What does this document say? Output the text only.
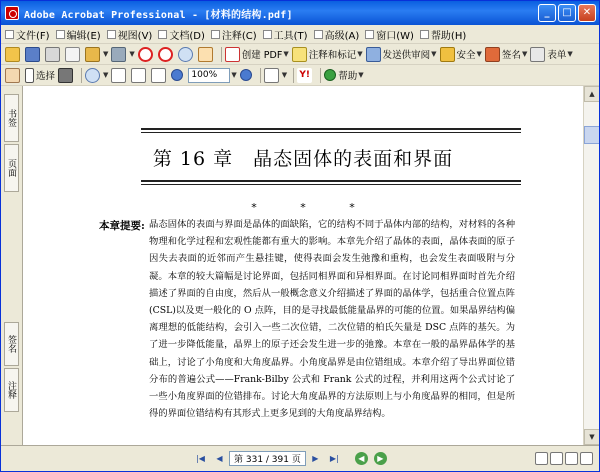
Adobe Acrobat Professional - [材料的结构.pdf]	_	□	✕
文件(F) 编辑(E) 视图(V) 文档(D) 注释(C) 工具(T) 高级(A) 窗口(W) 帮助(H)
▼	▼	创建 PDF ▼ 注释和标记 ▼ 发送供审阅 ▼ 安全 ▼ 签名 ▼ 表单 ▼
选择	▼	100%	▼	▼ Y!	帮助 ▼
书签
页面
签名
注释
第 16 章　晶态固体的表面和界面
* * *
本章提要: 晶态固体的表面与界面是晶体的面缺陷，它的结构不同于晶体内部的结构，对材料的各种物理和化学过程和宏观性能都有重大的影响。本章先介绍了晶体的表面，晶体表面的原子因失去表面的近邻而产生悬挂键，使得表面会发生弛豫和重构，也会发生表面吸附与分凝。本章的较大篇幅是讨论界面，包括同相界面和异相界面。在讨论同相界面时首先介绍描述了界面的自由度，然后从一般概念意义介绍描述了界面的晶体学，包括重合位置点阵(CSL)以及更一般化的 O 点阵，目的是寻找最低能量晶界的可能的位置。如果晶界结构偏离理想的低能结构，会引入一些二次位错，二次位错的柏氏矢量是 DSC 点阵的基矢。为了进一步降低能量，晶界上的原子还会发生进一步的弛豫。本章在一般的晶界晶体学的基础上，讨论了小角度和大角度晶界。小角度晶界是由位错组成。本章介绍了导出界面位错分布的普遍公式——Frank-Bilby 公式和 Frank 公式的过程，并利用这两个公式讨论了一些小角度界面的位错排布。讨论大角度晶界的方法原则上与小角度晶界的相同，但是所得的界面位错结构有其形式上更多见到的大角度晶界结构。
▲
▼
|◀	◀	第 331 / 391 页	▶	▶|	◀	▶
